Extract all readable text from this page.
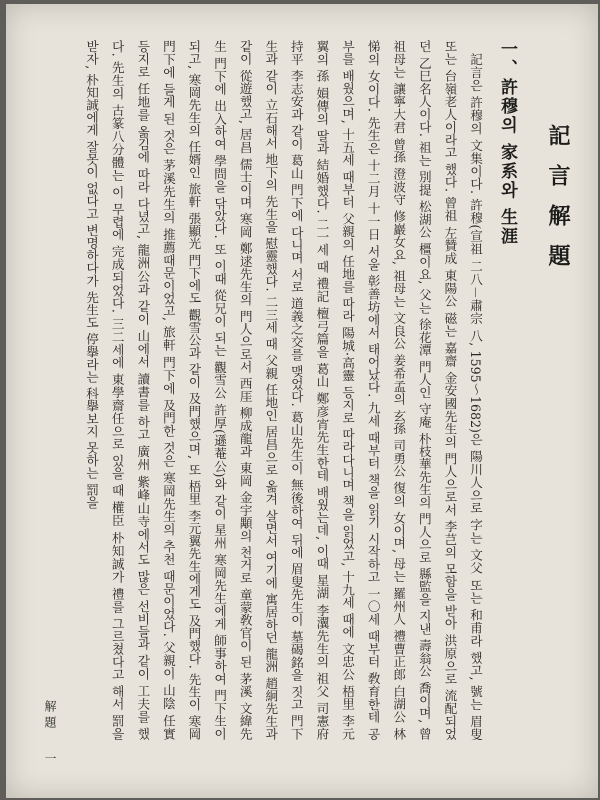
記言解題
一、許穆의 家系와 生涯

記言은 許穆의 文集이다. 許穆(宣祖 二八－肅宗 八, 1595～1682)은 陽川人으로 字는 文父 또는 和甫라 했고, 號는 眉叟 또는 台嶺老人이라고 했다. 曾祖 左贊成 東陽公 磁는 嘉齋 金安國先生의 門人으로서 李芑의 모함을 받아 洪原으로 流配되었던 乙巳名人이다. 祖는 別提 松湖公 橿이요, 父는 徐花潭 門人인 守庵 朴枝華先生의 門人으로 縣監을 지낸 壽翁公 喬이며, 曾祖母는 讓寧大君 曾孫 澄波守 修巖女요, 祖母는 文良公 姜希孟의 玄孫 司勇公 復의 女이며, 母는 羅州人 禮曹正郎 白湖公 林悌의 女이다. 先生은 十二月 十一日 서울 彰善坊에서 태어났다. 九세 때부터 책을 읽기 시작하고 一〇세 때부터 敎育한테 공부를 배웠으며, 十五세 때부터 父親의 任地를 따라 陽城·高靈 등지로 따라다니며 책을 읽었고, 十九세 때에 文忠公 梧里 李元翼의 孫 㜏傳의 딸과 結婚했다. 二一세 때 禮記 檀弓篇을 葛山 鄭彦宵先生한테 배웠는데, 이때 星湖 李瀷先生의 祖父 司憲府 持平 李志安과 같이 葛山 門下에 다니며 서로 道義之交를 맺었다. 葛山先生이 無後하여 뒤에 眉叟先生이 墓碣銘을 짓고 門下生과 같이 立石해서 地下의 先生을 慰靈했다. 二三세 때 父親 任地인 居昌으로 옮겨 살면서 여기에 寓居하던 龍洲 趙絅先生과 같이 從遊했고, 居昌 儒士이며 寒岡 鄭逑先生의 門人으로서 西厓 柳成龍과 東岡 金宇顒의 천거로 童蒙敎官이 된 茅溪 文緯先生 門下에 出入하여 學問을 닦았다. 또 이때 從兄이 되는 觀雪公 許厚(遜菴公)와 같이 星州 寒岡先生에게 師事하여 門下生이 되고, 寒岡先生의 任婿인 旅軒 張顯光 門下에도 觀雪公과 같이 及門했으며, 또 梧里 李元翼先生에게도 及門했다. 先生이 寒岡 門下에 들게 된 것은 茅溪先生의 推薦때문이었고, 旅軒 門下에 及門한 것은 寒岡先生의 추천 때문이었다. 父親이 山陰 任實 등지로 任地를 옮김에 따라 다녔고, 龍洲公과 같이 山에서 讀書를 하고 廣州 紫峰山寺에서도 많은 선비들과 같이 工夫를 했다. 先生의 古篆八分體는 이 무렵에 完成되었다. 三二세에 東學齋任으로 있을 때 權臣 朴知誠가 禮를 그르쳤다고 해서 罰을 받자, 朴知誠에게 잘못이 없다고 변명하다가 先生도 停擧라는 科擧보지 못하는 罰을

解題一
